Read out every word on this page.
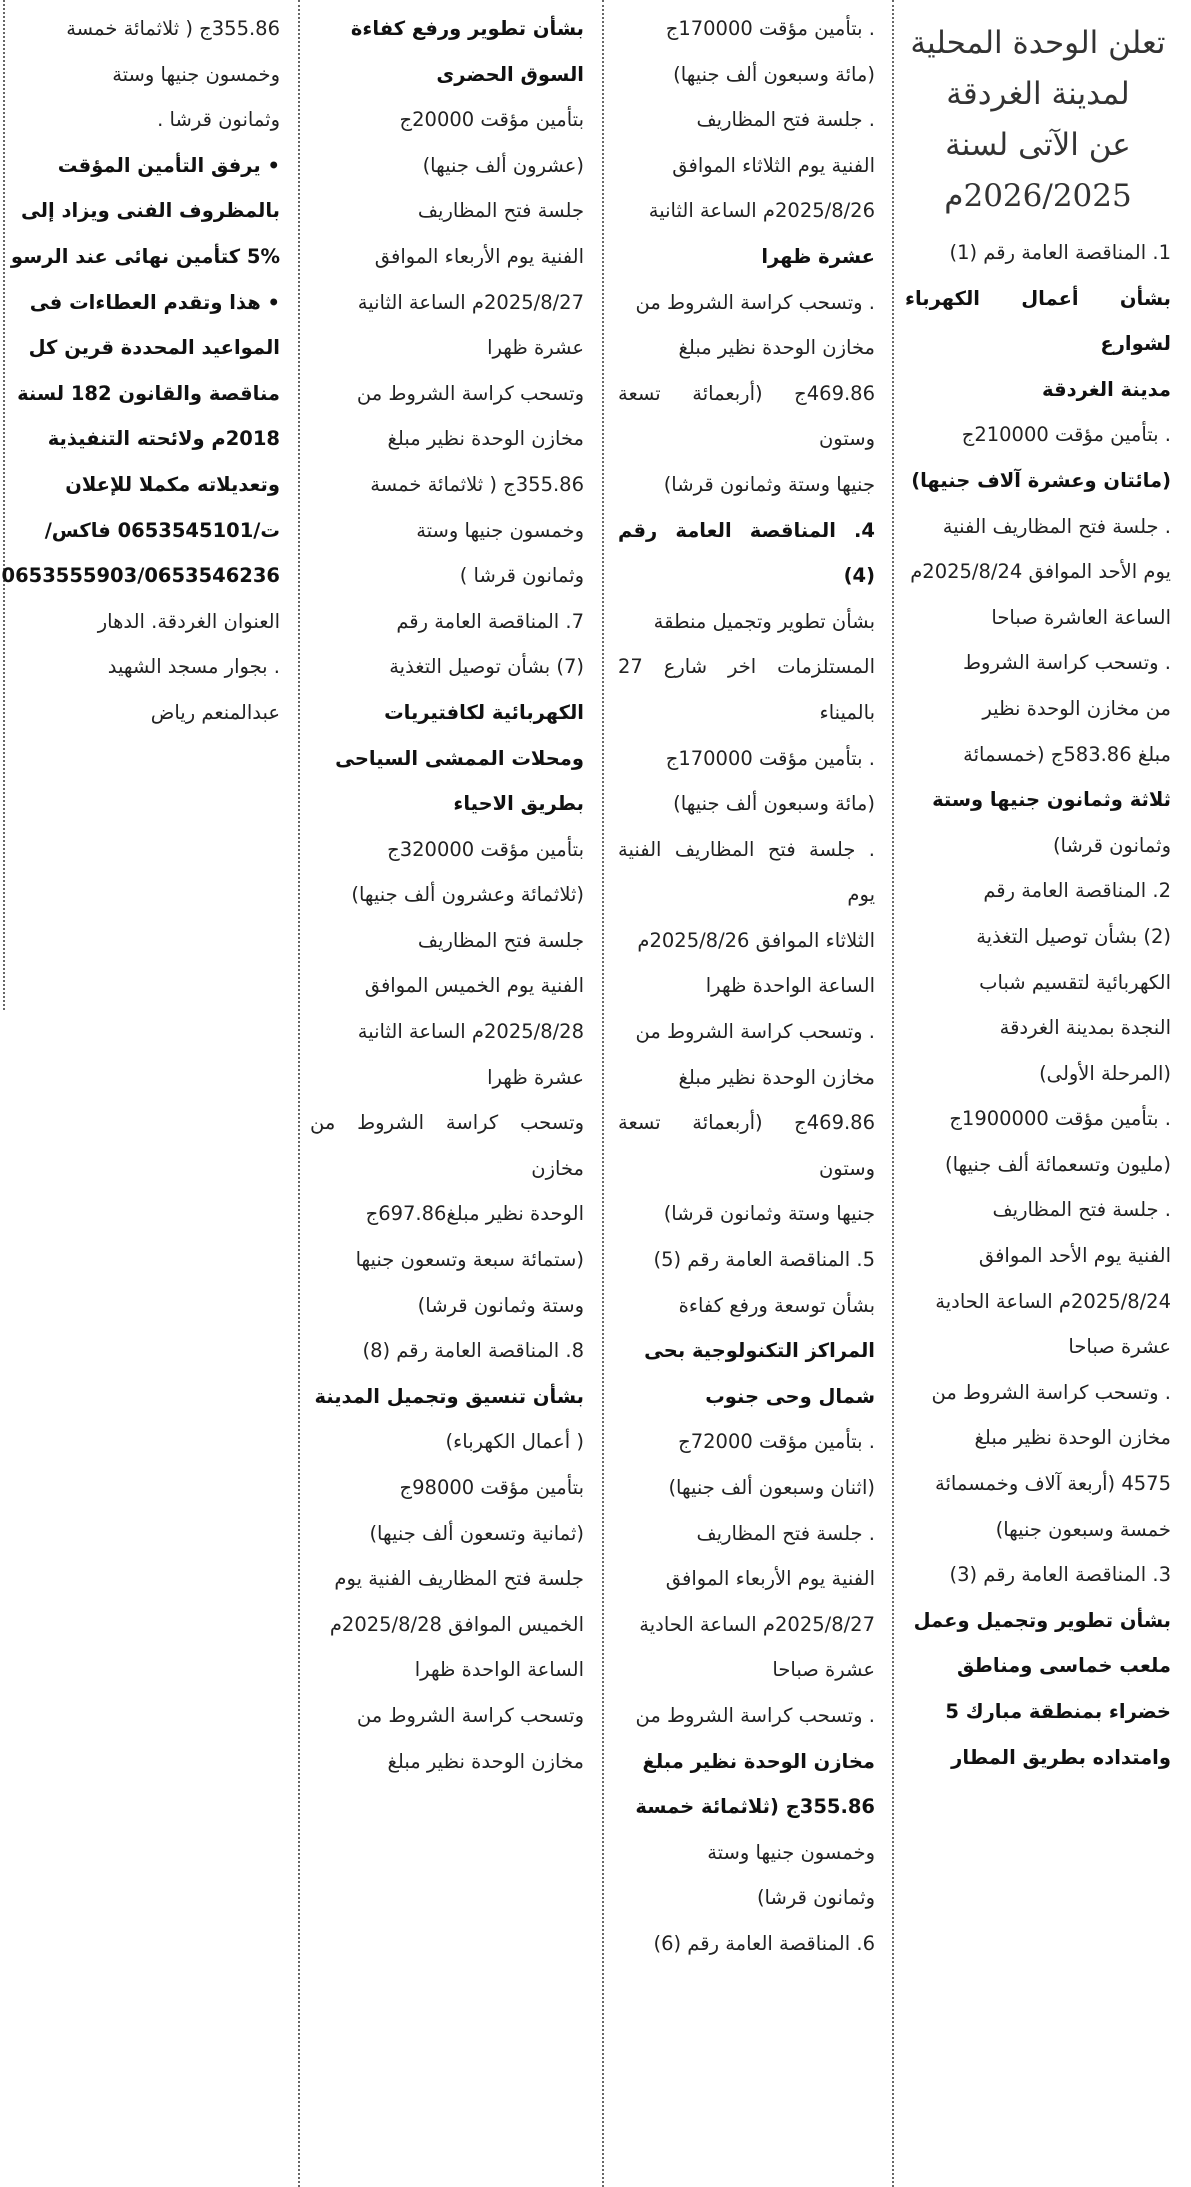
تعلن الوحدة المحلية
لمدينة الغردقة
عن الآتى لسنة
2026/2025م
1. المناقصة العامة رقم (1)
بشأن أعمال الكهرباء لشوارع
مدينة الغردقة
. بتأمين مؤقت 210000ج
(مائتان وعشرة آلاف جنيها)
. جلسة فتح المظاريف الفنية
يوم الأحد الموافق 2025/8/24م
الساعة العاشرة صباحا
. وتسحب كراسة الشروط
من مخازن الوحدة نظير
مبلغ 583.86ج (خمسمائة
ثلاثة وثمانون جنيها وستة
وثمانون قرشا)
2. المناقصة العامة رقم
(2) بشأن توصيل التغذية
الكهربائية لتقسيم شباب
النجدة بمدينة الغردقة
(المرحلة الأولى)
. بتأمين مؤقت 1900000ج
(مليون وتسعمائة ألف جنيها)
. جلسة فتح المظاريف
الفنية يوم الأحد الموافق
2025/8/24م الساعة الحادية
عشرة صباحا
. وتسحب كراسة الشروط من
مخازن الوحدة نظير مبلغ
4575 (أربعة آلاف وخمسمائة
خمسة وسبعون جنيها)
3. المناقصة العامة رقم (3)
بشأن تطوير وتجميل وعمل
ملعب خماسى ومناطق
خضراء بمنطقة مبارك 5
وامتداده بطريق المطار
. بتأمين مؤقت 170000ج
(مائة وسبعون ألف جنيها)
. جلسة فتح المظاريف
الفنية يوم الثلاثاء الموافق
2025/8/26م الساعة الثانية
عشرة ظهرا
. وتسحب كراسة الشروط من
مخازن الوحدة نظير مبلغ
469.86ج (أربعمائة تسعة وستون
جنيها وستة وثمانون قرشا)
4. المناقصة العامة رقم (4)
بشأن تطوير وتجميل منطقة
المستلزمات اخر شارع 27 بالميناء
. بتأمين مؤقت 170000ج
(مائة وسبعون ألف جنيها)
. جلسة فتح المظاريف الفنية يوم
الثلاثاء الموافق 2025/8/26م
الساعة الواحدة ظهرا
. وتسحب كراسة الشروط من
مخازن الوحدة نظير مبلغ
469.86ج (أربعمائة تسعة وستون
جنيها وستة وثمانون قرشا)
5. المناقصة العامة رقم (5)
بشأن توسعة ورفع كفاءة
المراكز التكنولوجية بحى
شمال وحى جنوب
. بتأمين مؤقت 72000ج
(اثنان وسبعون ألف جنيها)
. جلسة فتح المظاريف
الفنية يوم الأربعاء الموافق
2025/8/27م الساعة الحادية
عشرة صباحا
. وتسحب كراسة الشروط من
مخازن الوحدة نظير مبلغ
355.86ج (ثلاثمائة خمسة
وخمسون جنيها وستة
وثمانون قرشا)
6. المناقصة العامة رقم (6)
بشأن تطوير ورفع كفاءة
السوق الحضرى
بتأمين مؤقت 20000ج
(عشرون ألف جنيها)
جلسة فتح المظاريف
الفنية يوم الأربعاء الموافق
2025/8/27م الساعة الثانية
عشرة ظهرا
وتسحب كراسة الشروط من
مخازن الوحدة نظير مبلغ
355.86ج ( ثلاثمائة خمسة
وخمسون جنيها وستة
وثمانون قرشا )
7. المناقصة العامة رقم
(7) بشأن توصيل التغذية
الكهربائية لكافتيريات
ومحلات الممشى السياحى
بطريق الاحياء
بتأمين مؤقت 320000ج
(ثلاثمائة وعشرون ألف جنيها)
جلسة فتح المظاريف
الفنية يوم الخميس الموافق
2025/8/28م الساعة الثانية
عشرة ظهرا
وتسحب كراسة الشروط من مخازن
الوحدة نظير مبلغ697.86ج
(ستمائة سبعة وتسعون جنيها
وستة وثمانون قرشا)
8. المناقصة العامة رقم (8)
بشأن تنسيق وتجميل المدينة
( أعمال الكهرباء)
بتأمين مؤقت 98000ج
(ثمانية وتسعون ألف جنيها)
جلسة فتح المظاريف الفنية يوم
الخميس الموافق 2025/8/28م
الساعة الواحدة ظهرا
وتسحب كراسة الشروط من
مخازن الوحدة نظير مبلغ
355.86ج ( ثلاثمائة خمسة
وخمسون جنيها وستة
وثمانون قرشا .
• يرفق التأمين المؤقت
بالمظروف الفنى ويزاد إلى
5% كتأمين نهائى عند الرسو
• هذا وتقدم العطاءات فى
المواعيد المحددة قرين كل
مناقصة والقانون 182 لسنة
2018م ولائحته التنفيذية
وتعديلاته مكملا للإعلان
ت/0653545101 فاكس/
0653555903/0653546236
العنوان الغردقة. الدهار
. بجوار مسجد الشهيد
عبدالمنعم رياض
